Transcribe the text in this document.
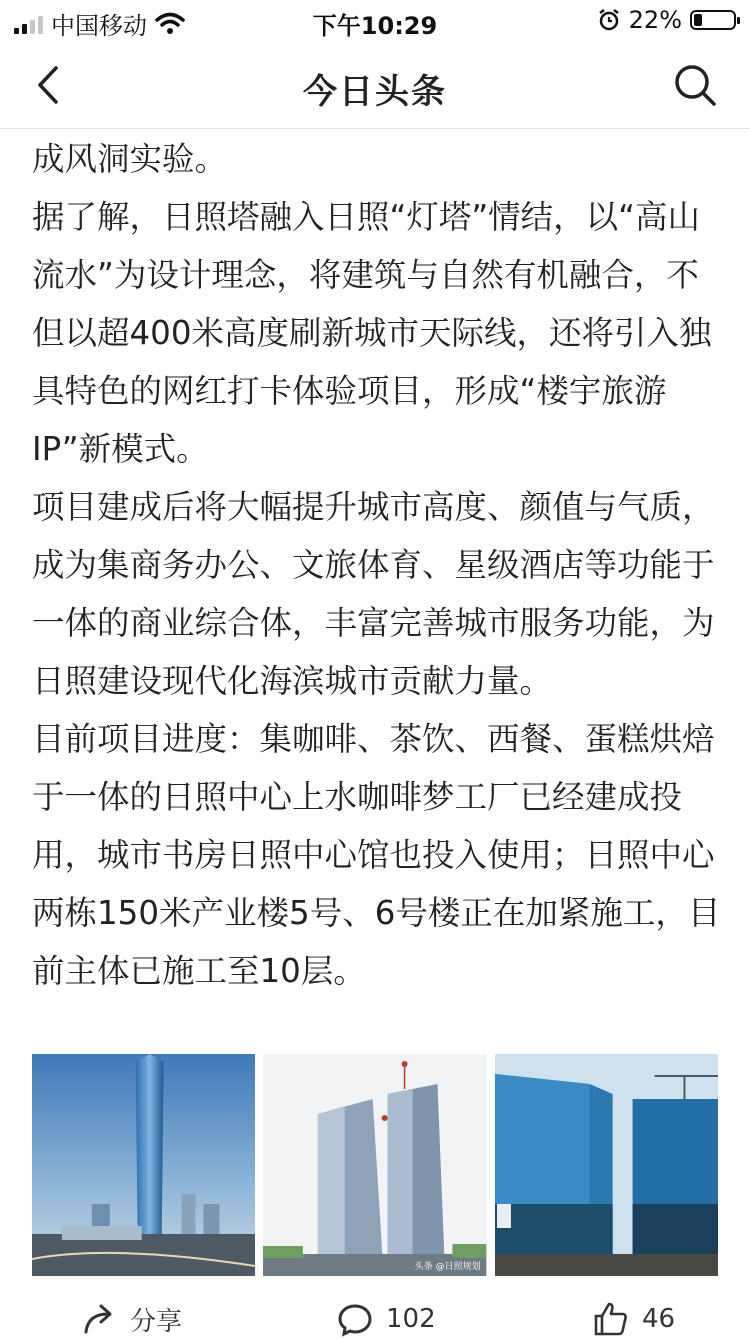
中国移动	下午10:29	22%
今日头条

成风洞实验。

据了解，日照塔融入日照“灯塔”情结，以“高山流水”为设计理念，将建筑与自然有机融合，不但以超400米高度刷新城市天际线，还将引入独具特色的网红打卡体验项目，形成“楼宇旅游IP”新模式。

项目建成后将大幅提升城市高度、颜值与气质，成为集商务办公、文旅体育、星级酒店等功能于一体的商业综合体，丰富完善城市服务功能，为日照建设现代化海滨城市贡献力量。

目前项目进度：集咖啡、茶饮、西餐、蛋糕烘焙于一体的日照中心上水咖啡梦工厂已经建成投用，城市书房日照中心馆也投入使用；日照中心两栋150米产业楼5号、6号楼正在加紧施工，目前主体已施工至10层。

头条 @日照规划
分享	102	46
